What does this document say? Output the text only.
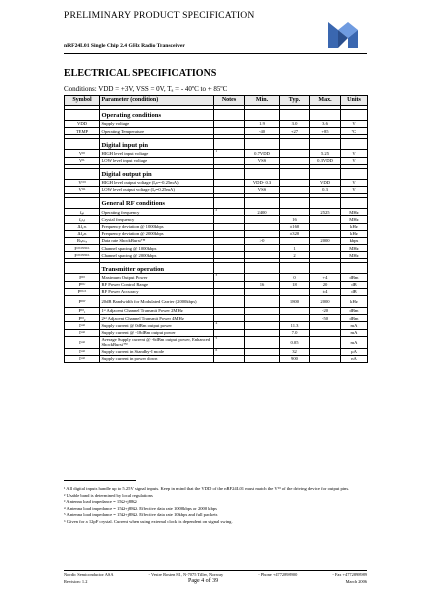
PRELIMINARY PRODUCT SPECIFICATION
nRF24L01 Single Chip 2.4 GHz Radio Transceiver
ELECTRICAL SPECIFICATIONS
Conditions: VDD = +3V, VSS = 0V, Tₐ = - 40ºC to + 85ºC
Symbol	Parameter (condition)	Notes	Min.	Typ.	Max.	Units

	Operating conditions					
VDD	Supply voltage		1.9	3.0	3.6	V
TEMP	Operating Temperature		-40	+27	+85	ºC

	Digital input pin					
Vᴵᴴ	HIGH level input voltage	1	0.7VDD		5.25	V
Vᴵᴸ	LOW level input voltage		VSS		0.3VDD	V

	Digital output pin					
Vᴼᴴ	HIGH level output voltage (Iₒₕ=-0.25mA)		VDD- 0.3		VDD	V
Vᴼᴸ	LOW level output voltage (Iₒₗ=0.25mA)		VSS		0.3	V

	General RF conditions					
fₒₚ	Operating frequency	2	2400		2525	MHz
fₓₜₐₗ	Crystal frequency			16		MHz
Δf₁ₘ	Frequency deviation @ 1000kbps			±160		kHz
Δf₂ₘ	Frequency deviation @ 2000kbps			±320		kHz
Rₗₑₕₛₓ	Data rate ShockBurst™		>0		2000	kbps
Fᶜᴴᴬᴺᴺᴱᴸ	Channel spacing @ 1000kbps			1		MHz
Fᶜᴴᴬᴺᴺᴱᴸ	Channel spacing @ 2000kbps			2		MHz

	Transmitter operation					
Pᴿᶠ	Maximum Output Power	3		0	+4	dBm
Pᴿᶠᶜ	RF Power Control Range		16	18	20	dB
Pᴿᶠᶜᴬ	RF Power Accuracy				±4	dB
Pᴮᵂ	20dB Bandwidth for Modulated Carrier (2000kbps)			1800	2000	kHz
Pᴿᶠ₁	1ˢᵗ Adjacent Channel Transmit Power 2MHz				-20	dBm
Pᴿᶠ₂	2ⁿᵈ Adjacent Channel Transmit Power 4MHz				-50	dBm
Iᵛᵈᵈ	Supply current @ 0dBm output power	4		11.3		mA
Iᵛᵈᵈ	Supply current @ -18dBm output power			7.0		mA
Iᵛᵈᵈ	Average Supply current @ -6dBm output power, Enhanced ShockBurst™	5		0.05		mA
Iᵛᵈᵈ	Supply current in Standby-I mode	6		32		µA
Iᵛᵈᵈ	Supply current in power down			900		nA
¹ All digital inputs handle up to 5.25V signal inputs. Keep in mind that the VDD of the nRF24L01 must match the Vᴵᴴ of the driving device for output pins.
² Usable band is determined by local regulations
³ Antenna load impedance = 15Ω+j88Ω
⁴ Antenna load impedance = 15Ω+j88Ω. Effective data rate 1000kbps or 2000 kbps
⁵ Antenna load impedance = 15Ω+j88Ω. Effective data rate 10kbps and full packets
⁶ Given for a 12pF crystal. Current when using external clock is dependent on signal swing.
Nordic Semiconductor ASA	- Vestre Rosten 81, N-7075 Tiller, Norway	- Phone +4772898900	- Fax +4772898989
Revision: 1.2	Page 4 of 39	March 2006
